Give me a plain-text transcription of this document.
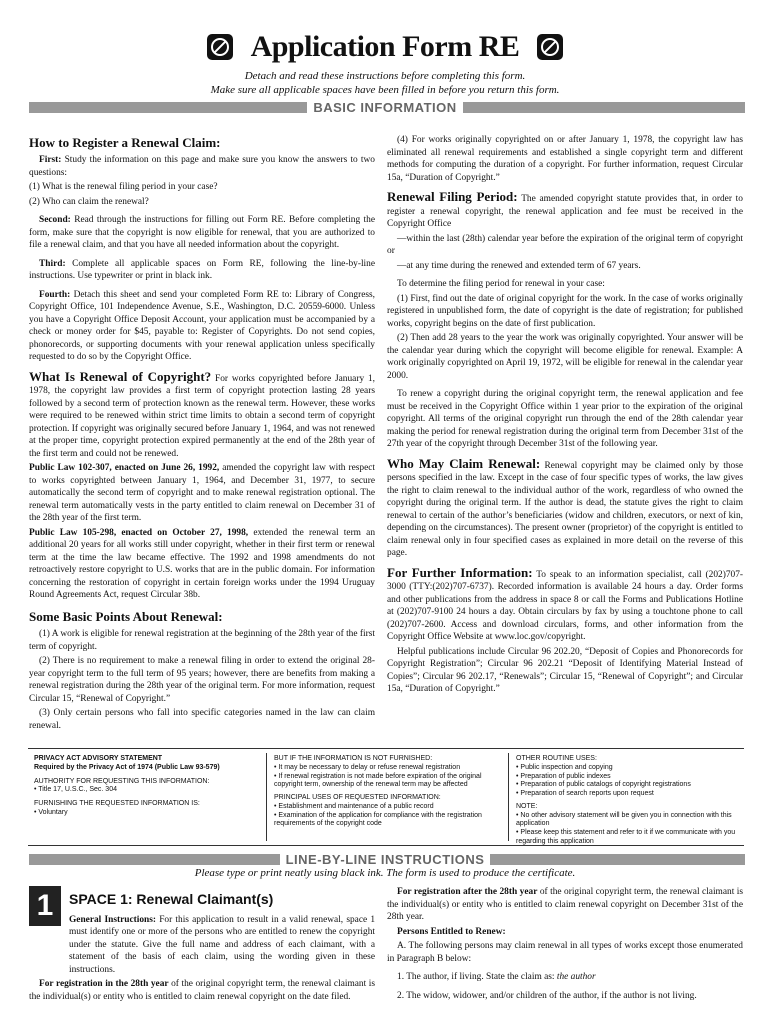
Application Form RE
Detach and read these instructions before completing this form.
Make sure all applicable spaces have been filled in before you return this form.
BASIC INFORMATION
How to Register a Renewal Claim:

First: Study the information on this page and make sure you know the answers to two questions:

(1) What is the renewal filing period in your case?

(2) Who can claim the renewal?

Second: Read through the instructions for filling out Form RE. Before completing the form, make sure that the copyright is now eligible for renewal, that you are authorized to file a renewal claim, and that you have all needed information about the copyright.

Third: Complete all applicable spaces on Form RE, following the line-by-line instructions. Use typewriter or print in black ink.

Fourth: Detach this sheet and send your completed Form RE to: Library of Congress, Copyright Office, 101 Independence Avenue, S.E., Washington, D.C. 20559-6000. Unless you have a Copyright Office Deposit Account, your application must be accompanied by a check or money order for $45, payable to: Register of Copyrights. Do not send copies, phonorecords, or supporting documents with your renewal application unless specifically requested to do so by the Copyright Office.

What Is Renewal of Copyright? For works copyrighted before January 1, 1978, the copyright law provides a first term of copyright protection lasting 28 years followed by a second term of protection known as the renewal term. However, these works were required to be renewed within strict time limits to obtain a second term of copyright protection. If copyright was originally secured before January 1, 1964, and was not renewed at the proper time, copyright protection expired permanently at the end of the 28th year of the first term and could not be renewed.

Public Law 102-307, enacted on June 26, 1992, amended the copyright law with respect to works copyrighted between January 1, 1964, and December 31, 1977, to secure automatically the second term of copyright and to make renewal registration optional. The renewal term automatically vests in the party entitled to claim renewal on December 31 of the 28th year of the first term.

Public Law 105-298, enacted on October 27, 1998, extended the renewal term an additional 20 years for all works still under copyright, whether in their first term or renewal term at the time the law became effective. The 1992 and 1998 amendments do not retroactively restore copyright to U.S. works that are in the public domain. For information concerning the restoration of copyright in certain foreign works under the 1994 Uruguay Round Agreements Act, request Circular 38b.

Some Basic Points About Renewal:

(1) A work is eligible for renewal registration at the beginning of the 28th year of the first term of copyright.

(2) There is no requirement to make a renewal filing in order to extend the original 28-year copyright term to the full term of 95 years; however, there are benefits from making a renewal registration during the 28th year of the original term. For more information, request Circular 15, “Renewal of Copyright.”

(3) Only certain persons who fall into specific categories named in the law can claim renewal.

(4) For works originally copyrighted on or after January 1, 1978, the copyright law has eliminated all renewal requirements and established a single copyright term and different methods for computing the duration of a copyright. For further information, request Circular 15a, “Duration of Copyright.”

Renewal Filing Period: The amended copyright statute provides that, in order to register a renewal copyright, the renewal application and fee must be received in the Copyright Office

—within the last (28th) calendar year before the expiration of the original term of copyright or

—at any time during the renewed and extended term of 67 years.

To determine the filing period for renewal in your case:

(1) First, find out the date of original copyright for the work. In the case of works originally registered in unpublished form, the date of copyright is the date of registration; for published works, copyright begins on the date of first publication.

(2) Then add 28 years to the year the work was originally copyrighted. Your answer will be the calendar year during which the copyright will become eligible for renewal. Example: A work originally copyrighted on April 19, 1972, will be eligible for renewal in the calendar year 2000.

To renew a copyright during the original copyright term, the renewal application and fee must be received in the Copyright Office within 1 year prior to the expiration of the original copyright. All terms of the original copyright run through the end of the 28th calendar year making the period for renewal registration during the original term from December 31st of the 27th year of the copyright through December 31st of the following year.

Who May Claim Renewal: Renewal copyright may be claimed only by those persons specified in the law. Except in the case of four specific types of works, the law gives the right to claim renewal to the individual author of the work, regardless of who owned the copyright during the original term. If the author is dead, the statute gives the right to claim renewal to certain of the author’s beneficiaries (widow and children, executors, or next of kin, depending on the circumstances). The present owner (proprietor) of the copyright is entitled to claim renewal only in four specified cases as explained in more detail on the reverse of this page.

For Further Information: To speak to an information specialist, call (202)707-3000 (TTY:(202)707-6737). Recorded information is available 24 hours a day. Order forms and other publications from the address in space 8 or call the Forms and Publications Hotline at (202)707-9100 24 hours a day. Obtain circulars by fax by using a touchtone phone to call (202)707-2600. Access and download circulars, forms, and other information from the Copyright Office Website at www.loc.gov/copyright.

Helpful publications include Circular 96 202.20, “Deposit of Copies and Phonorecords for Copyright Registration”; Circular 96 202.21 “Deposit of Identifying Material Instead of Copies”; Circular 96 202.17, “Renewals”; Circular 15, “Renewal of Copyright”; and Circular 15a, “Duration of Copyright.”

PRIVACY ACT ADVISORY STATEMENT
Required by the Privacy Act of 1974 (Public Law 93-579)
AUTHORITY FOR REQUESTING THIS INFORMATION:
• Title 17, U.S.C., Sec. 304
FURNISHING THE REQUESTED INFORMATION IS:
• Voluntary
BUT IF THE INFORMATION IS NOT FURNISHED:
• It may be necessary to delay or refuse renewal registration
• If renewal registration is not made before expiration of the original copyright term, ownership of the renewal term may be affected
PRINCIPAL USES OF REQUESTED INFORMATION:
• Establishment and maintenance of a public record
• Examination of the application for compliance with the registration requirements of the copyright code
OTHER ROUTINE USES:
• Public inspection and copying
• Preparation of public indexes
• Preparation of public catalogs of copyright registrations
• Preparation of search reports upon request
NOTE:
• No other advisory statement will be given you in connection with this application
• Please keep this statement and refer to it if we communicate with you regarding this application
LINE-BY-LINE INSTRUCTIONS
Please type or print neatly using black ink. The form is used to produce the certificate.
1	SPACE 1: Renewal Claimant(s)

General Instructions: For this application to result in a valid renewal, space 1 must identify one or more of the persons who are entitled to renew the copyright under the statute. Give the full name and address of each claimant, with a statement of the basis of each claim, using the wording given in these instructions.

For registration in the 28th year of the original copyright term, the renewal claimant is the individual(s) or entity who is entitled to claim renewal copyright on the date filed.

For registration after the 28th year of the original copyright term, the renewal claimant is the individual(s) or entity who is entitled to claim renewal copyright on December 31st of the 28th year.

Persons Entitled to Renew:

A. The following persons may claim renewal in all types of works except those enumerated in Paragraph B below:

1. The author, if living. State the claim as: the author

2. The widow, widower, and/or children of the author, if the author is not living.
